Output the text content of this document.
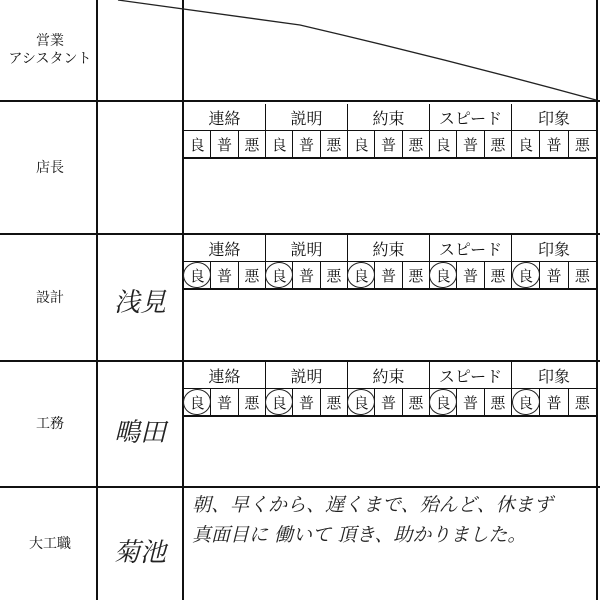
営業
アシスタント
店長
連絡	説明	約束	スピード	印象
良 普 悪 良 普 悪 良 普 悪 良 普 悪 良 普 悪
設計	浅見
連絡	説明	約束	スピード	印象
良 普 悪 良 普 悪 良 普 悪 良 普 悪 良 普 悪
工務	鴫田
連絡	説明	約束	スピード	印象
良 普 悪 良 普 悪 良 普 悪 良 普 悪 良 普 悪
大工職	菊池
朝、早くから、遅くまで、殆んど、休まず
真面目に 働いて 頂き、助かりました。
